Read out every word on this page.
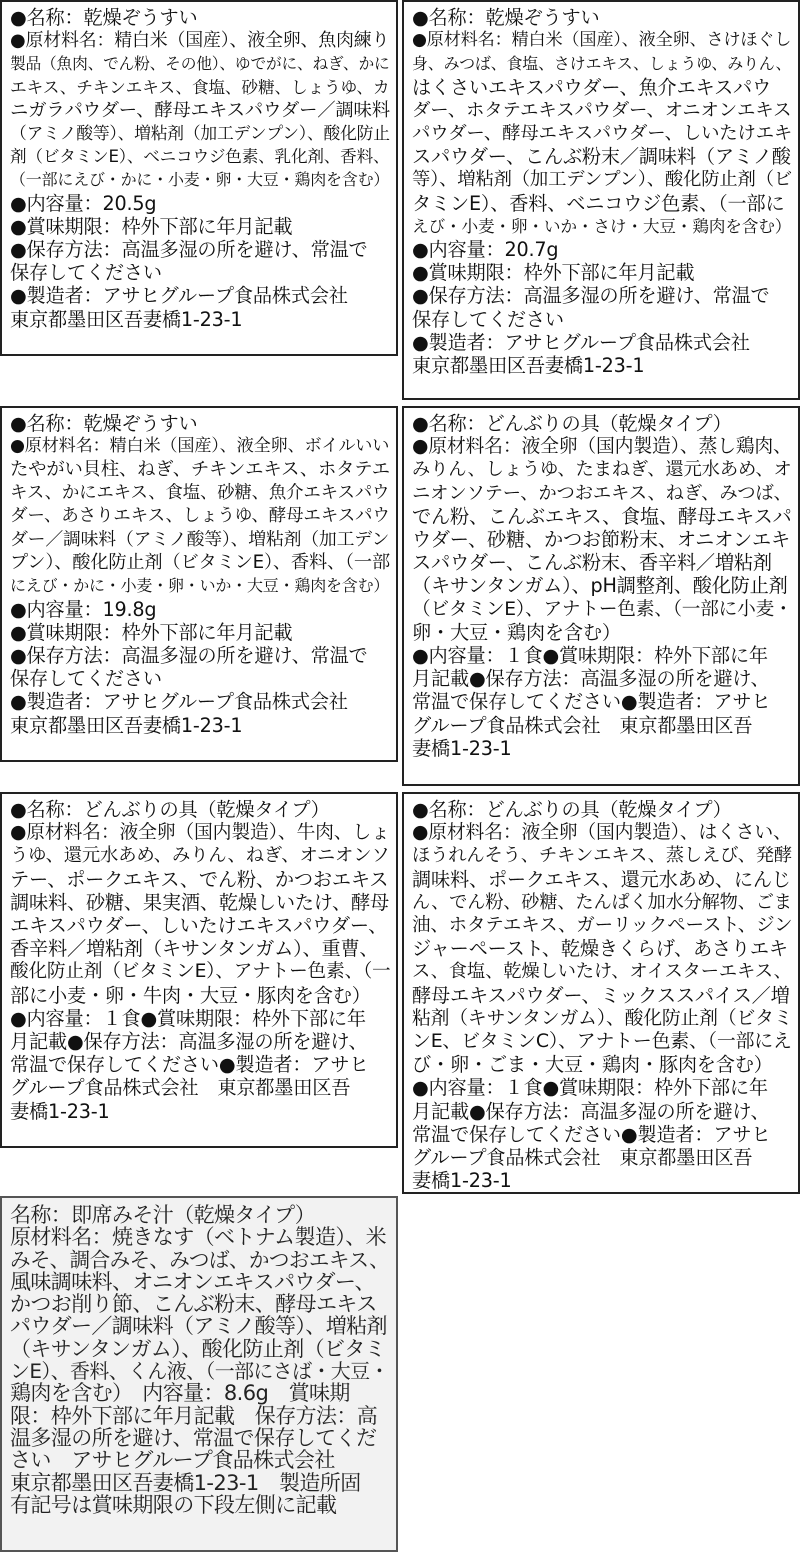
●名称：乾燥ぞうすい
●原材料名：精白米（国産）、液全卵、魚肉練り
製品（魚肉、でん粉、その他）、ゆでがに、ねぎ、かに
エキス、チキンエキス、食塩、砂糖、しょうゆ、カ
ニガラパウダー、酵母エキスパウダー／調味料
（アミノ酸等）、増粘剤（加工デンプン）、酸化防止
剤（ビタミンE）、ベニコウジ色素、乳化剤、香料、
（一部にえび・かに・小麦・卵・大豆・鶏肉を含む）
●内容量：20.5g
●賞味期限：枠外下部に年月記載
●保存方法：高温多湿の所を避け、常温で
保存してください
●製造者：アサヒグループ食品株式会社
東京都墨田区吾妻橋1-23-1
●名称：乾燥ぞうすい
●原材料名：精白米（国産）、液全卵、さけほぐし
身、みつば、食塩、さけエキス、しょうゆ、みりん、
はくさいエキスパウダー、魚介エキスパウ
ダー、ホタテエキスパウダー、オニオンエキス
パウダー、酵母エキスパウダー、しいたけエキ
スパウダー、こんぶ粉末／調味料（アミノ酸
等）、増粘剤（加工デンプン）、酸化防止剤（ビ
タミンE）、香料、ベニコウジ色素、（一部に
えび・小麦・卵・いか・さけ・大豆・鶏肉を含む）
●内容量：20.7g
●賞味期限：枠外下部に年月記載
●保存方法：高温多湿の所を避け、常温で
保存してください
●製造者：アサヒグループ食品株式会社
東京都墨田区吾妻橋1-23-1
●名称：乾燥ぞうすい
●原材料名：精白米（国産）、液全卵、ボイルいい
たやがい貝柱、ねぎ、チキンエキス、ホタテエ
キス、かにエキス、食塩、砂糖、魚介エキスパウ
ダー、あさりエキス、しょうゆ、酵母エキスパウ
ダー／調味料（アミノ酸等）、増粘剤（加工デン
プン）、酸化防止剤（ビタミンE）、香料、（一部
にえび・かに・小麦・卵・いか・大豆・鶏肉を含む）
●内容量：19.8g
●賞味期限：枠外下部に年月記載
●保存方法：高温多湿の所を避け、常温で
保存してください
●製造者：アサヒグループ食品株式会社
東京都墨田区吾妻橋1-23-1
●名称：どんぶりの具（乾燥タイプ）
●原材料名：液全卵（国内製造）、蒸し鶏肉、
みりん、しょうゆ、たまねぎ、還元水あめ、オ
ニオンソテー、かつおエキス、ねぎ、みつば、
でん粉、こんぶエキス、食塩、酵母エキスパ
ウダー、砂糖、かつお節粉末、オニオンエキ
スパウダー、こんぶ粉末、香辛料／増粘剤
（キサンタンガム）、pH調整剤、酸化防止剤
（ビタミンE）、アナトー色素、（一部に小麦・
卵・大豆・鶏肉を含む）
●内容量：１食●賞味期限：枠外下部に年
月記載●保存方法：高温多湿の所を避け、
常温で保存してください●製造者：アサヒ
グループ食品株式会社　東京都墨田区吾
妻橋1-23-1
●名称：どんぶりの具（乾燥タイプ）
●原材料名：液全卵（国内製造）、牛肉、しょ
うゆ、還元水あめ、みりん、ねぎ、オニオンソ
テー、ポークエキス、でん粉、かつおエキス
調味料、砂糖、果実酒、乾燥しいたけ、酵母
エキスパウダー、しいたけエキスパウダー、
香辛料／増粘剤（キサンタンガム）、重曹、
酸化防止剤（ビタミンE）、アナトー色素、（一
部に小麦・卵・牛肉・大豆・豚肉を含む）
●内容量：１食●賞味期限：枠外下部に年
月記載●保存方法：高温多湿の所を避け、
常温で保存してください●製造者：アサヒ
グループ食品株式会社　東京都墨田区吾
妻橋1-23-1
●名称：どんぶりの具（乾燥タイプ）
●原材料名：液全卵（国内製造）、はくさい、
ほうれんそう、チキンエキス、蒸しえび、発酵
調味料、ポークエキス、還元水あめ、にんじ
ん、でん粉、砂糖、たんぱく加水分解物、ごま
油、ホタテエキス、ガーリックペースト、ジン
ジャーペースト、乾燥きくらげ、あさりエキ
ス、食塩、乾燥しいたけ、オイスターエキス、
酵母エキスパウダー、ミックススパイス／増
粘剤（キサンタンガム）、酸化防止剤（ビタミ
ンE、ビタミンC）、アナトー色素、（一部にえ
び・卵・ごま・大豆・鶏肉・豚肉を含む）
●内容量：１食●賞味期限：枠外下部に年
月記載●保存方法：高温多湿の所を避け、
常温で保存してください●製造者：アサヒ
グループ食品株式会社　東京都墨田区吾
妻橋1-23-1
名称：即席みそ汁（乾燥タイプ）
原材料名：焼きなす（ベトナム製造）、米
みそ、調合みそ、みつば、かつおエキス、
風味調味料、オニオンエキスパウダー、
かつお削り節、こんぶ粉末、酵母エキス
パウダー／調味料（アミノ酸等）、増粘剤
（キサンタンガム）、酸化防止剤（ビタミ
ンE）、香料、くん液、（一部にさば・大豆・
鶏肉を含む）　内容量：8.6g　賞味期
限：枠外下部に年月記載　保存方法：高
温多湿の所を避け、常温で保存してくだ
さい　アサヒグループ食品株式会社
東京都墨田区吾妻橋1-23-1　製造所固
有記号は賞味期限の下段左側に記載
